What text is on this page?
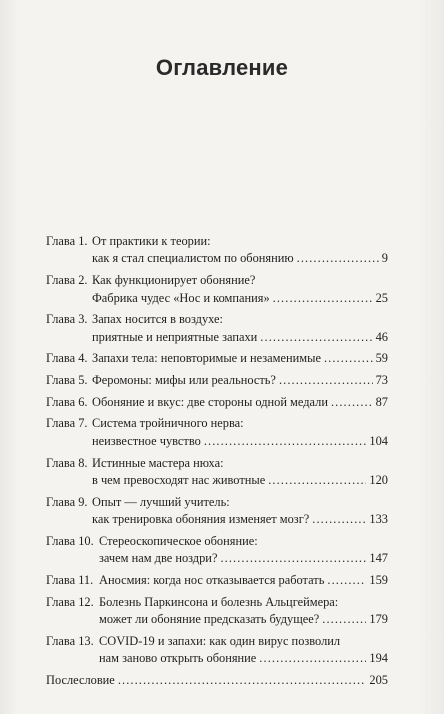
Оглавление
Глава 1. От практики к теории:
как я стал специалистом по обонянию . . .	9
Глава 2. Как функционирует обоняние?
Фабрика чудес «Нос и компания» . . .	25
Глава 3. Запах носится в воздухе:
приятные и неприятные запахи . . .	46
Глава 4. Запахи тела: неповторимые и незаменимые . . .	59
Глава 5. Феромоны: мифы или реальность? . . .	73
Глава 6. Обоняние и вкус: две стороны одной медали . . .	87
Глава 7. Система тройничного нерва:
неизвестное чувство . . .	104
Глава 8. Истинные мастера нюха:
в чем превосходят нас животные . . .	120
Глава 9. Опыт — лучший учитель:
как тренировка обоняния изменяет мозг? . . .	133
Глава 10. Стереоскопическое обоняние:
зачем нам две ноздри? . . .	147
Глава 11. Аносмия: когда нос отказывается работать . . .	159
Глава 12. Болезнь Паркинсона и болезнь Альцгеймера:
может ли обоняние предсказать будущее? . . .	179
Глава 13. COVID-19 и запахи: как один вирус позволил
нам заново открыть обоняние . . .	194
Послесловие . . .	205
